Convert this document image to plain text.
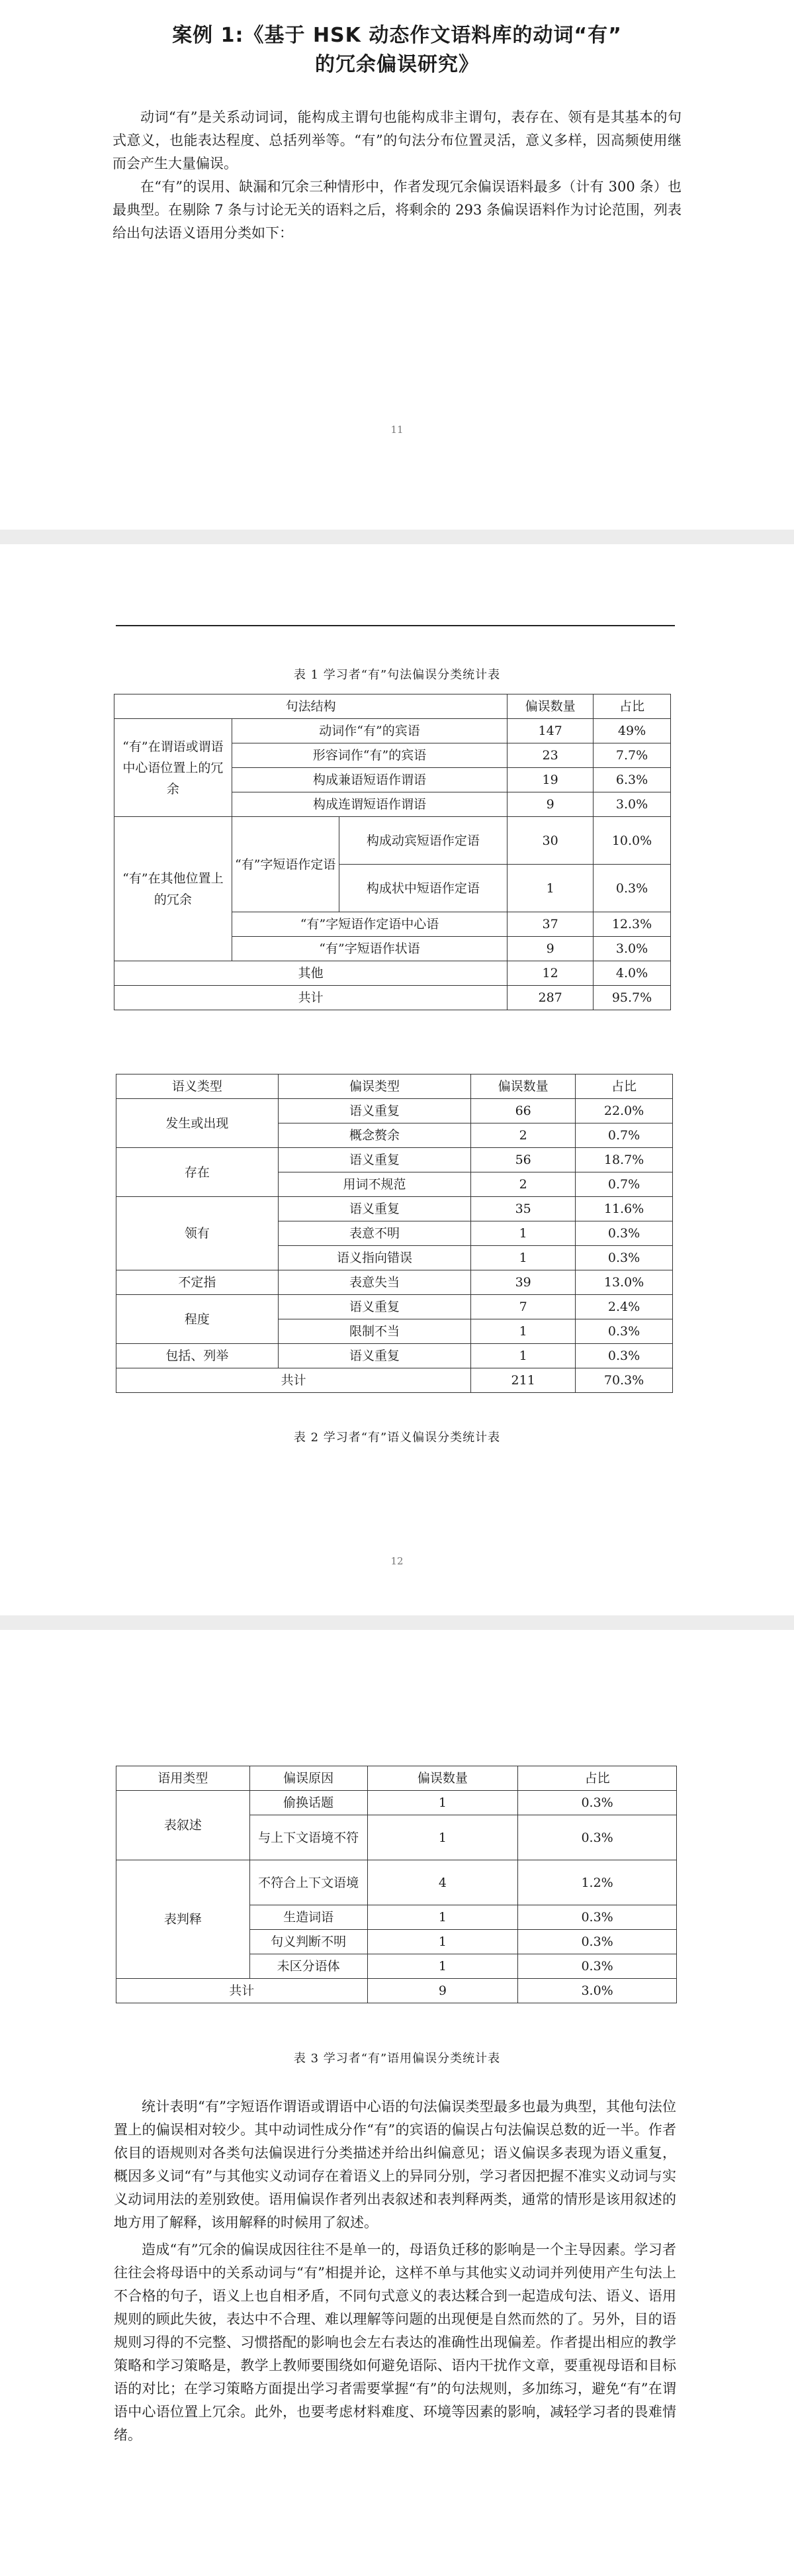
案例 1:《基于 HSK 动态作文语料库的动词“有”
的冗余偏误研究》

动词“有”是关系动词词，能构成主谓句也能构成非主谓句，表存在、领有是其基本的句式意义，也能表达程度、总括列举等。“有”的句法分布位置灵活，意义多样，因高频使用继而会产生大量偏误。

在“有”的误用、缺漏和冗余三种情形中，作者发现冗余偏误语料最多（计有 300 条）也最典型。在剔除 7 条与讨论无关的语料之后，将剩余的 293 条偏误语料作为讨论范围，列表给出句法语义语用分类如下：

11
表 1 学习者“有”句法偏误分类统计表
句法结构			偏误数量	占比
“有”在谓语或谓语中心语位置上的冗余	动词作“有”的宾语		147	49%
	形容词作“有”的宾语		23	7.7%
	构成兼语短语作谓语		19	6.3%
	构成连谓短语作谓语		9	3.0%
“有”在其他位置上的冗余	“有”字短语作定语	构成动宾短语作定语	30	10.0%
		构成状中短语作定语	1	0.3%
	“有”字短语作定语中心语		37	12.3%
	“有”字短语作状语		9	3.0%
其他			12	4.0%
共计			287	95.7%
语义类型	偏误类型	偏误数量	占比
发生或出现	语义重复	66	22.0%
	概念赘余	2	0.7%
存在	语义重复	56	18.7%
	用词不规范	2	0.7%
领有	语义重复	35	11.6%
	表意不明	1	0.3%
	语义指向错误	1	0.3%
不定指	表意失当	39	13.0%
程度	语义重复	7	2.4%
	限制不当	1	0.3%
包括、列举	语义重复	1	0.3%
共计		211	70.3%
表 2 学习者“有”语义偏误分类统计表
12
语用类型	偏误原因	偏误数量	占比
表叙述	偷换话题	1	0.3%
	与上下文语境不符	1	0.3%
表判释	不符合上下文语境	4	1.2%
	生造词语	1	0.3%
	句义判断不明	1	0.3%
	未区分语体	1	0.3%
共计		9	3.0%
表 3 学习者“有”语用偏误分类统计表

统计表明“有”字短语作谓语或谓语中心语的句法偏误类型最多也最为典型，其他句法位置上的偏误相对较少。其中动词性成分作“有”的宾语的偏误占句法偏误总数的近一半。作者依目的语规则对各类句法偏误进行分类描述并给出纠偏意见；语义偏误多表现为语义重复，概因多义词“有”与其他实义动词存在着语义上的异同分别，学习者因把握不准实义动词与实义动词用法的差别致使。语用偏误作者列出表叙述和表判释两类，通常的情形是该用叙述的地方用了解释，该用解释的时候用了叙述。

造成“有”冗余的偏误成因往往不是单一的，母语负迁移的影响是一个主导因素。学习者往往会将母语中的关系动词与“有”相提并论，这样不单与其他实义动词并列使用产生句法上不合格的句子，语义上也自相矛盾，不同句式意义的表达糅合到一起造成句法、语义、语用规则的顾此失彼，表达中不合理、难以理解等问题的出现便是自然而然的了。另外，目的语规则习得的不完整、习惯搭配的影响也会左右表达的准确性出现偏差。作者提出相应的教学策略和学习策略是，教学上教师要围绕如何避免语际、语内干扰作文章，要重视母语和目标语的对比；在学习策略方面提出学习者需要掌握“有”的句法规则，多加练习，避免“有”在谓语中心语位置上冗余。此外，也要考虑材料难度、环境等因素的影响，减轻学习者的畏难情绪。
